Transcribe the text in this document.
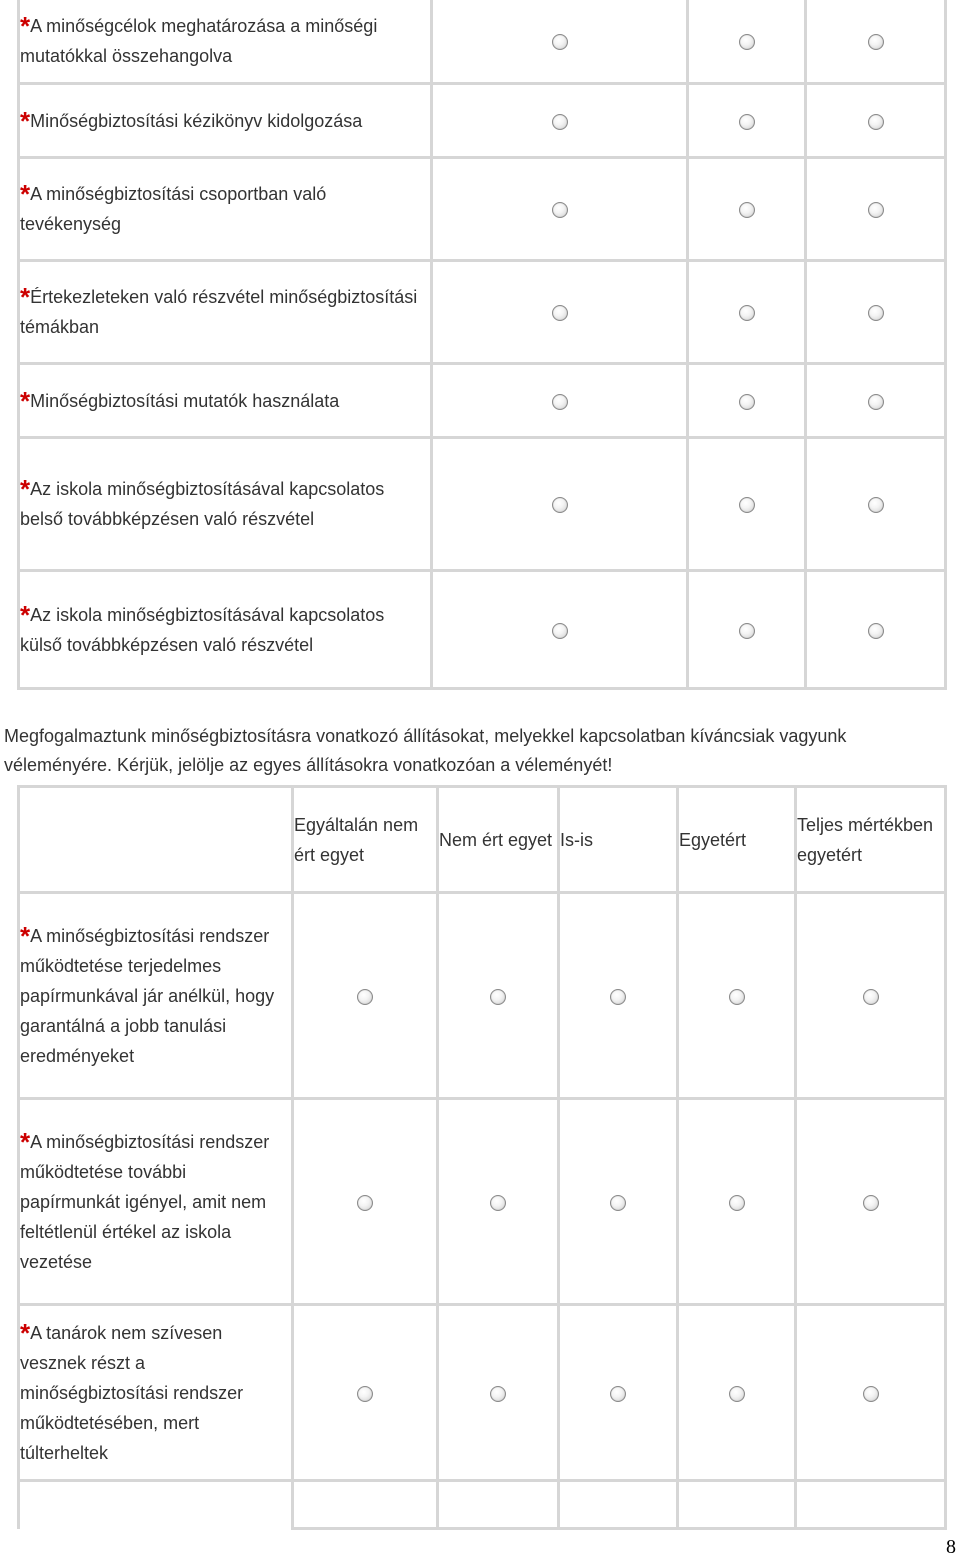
*A minőségcélok meghatározása a minőségi mutatókkal összehangolva			
*Minőségbiztosítási kézikönyv kidolgozása			
*A minőségbiztosítási csoportban való tevékenység			
*Értekezleteken való részvétel minőségbiztosítási témákban			
*Minőségbiztosítási mutatók használata			
*Az iskola minőségbiztosításával kapcsolatos belső továbbképzésen való részvétel			
*Az iskola minőségbiztosításával kapcsolatos külső továbbképzésen való részvétel			

Megfogalmaztunk minőségbiztosításra vonatkozó állításokat, melyekkel kapcsolatban kíváncsiak vagyunk véleményére. Kérjük, jelölje az egyes állításokra vonatkozóan a véleményét!

	Egyáltalán nem ért egyet	Nem ért egyet	Is-is	Egyetért	Teljes mértékben egyetért
*A minőségbiztosítási rendszer működtetése terjedelmes papírmunkával jár anélkül, hogy garantálná a jobb tanulási eredményeket					
*A minőségbiztosítási rendszer működtetése további papírmunkát igényel, amit nem feltétlenül értékel az iskola vezetése					
*A tanárok nem szívesen vesznek részt a minőségbiztosítási rendszer működtetésében, mert túlterheltek					

8
